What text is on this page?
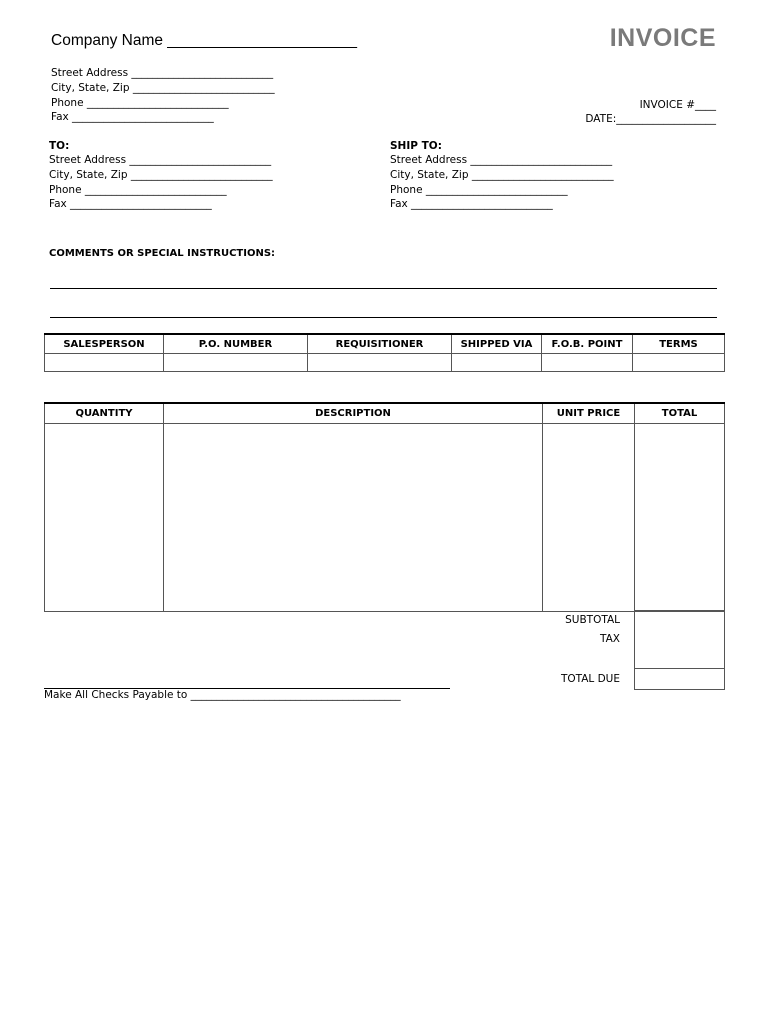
Company Name ______________________	INVOICE
Street Address ___________________________
City, State, Zip ___________________________
Phone ___________________________
Fax ___________________________
INVOICE #____
DATE:___________________
TO:
Street Address ___________________________
City, State, Zip ___________________________
Phone ___________________________
Fax ___________________________
SHIP TO:
Street Address ___________________________
City, State, Zip ___________________________
Phone ___________________________
Fax ___________________________
COMMENTS OR SPECIAL INSTRUCTIONS:
SALESPERSON	P.O. NUMBER	REQUISITIONER	SHIPPED VIA	F.O.B. POINT	TERMS

QUANTITY	DESCRIPTION	UNIT PRICE	TOTAL

SUBTOTAL
TAX
TOTAL DUE
Make All Checks Payable to ________________________________________
